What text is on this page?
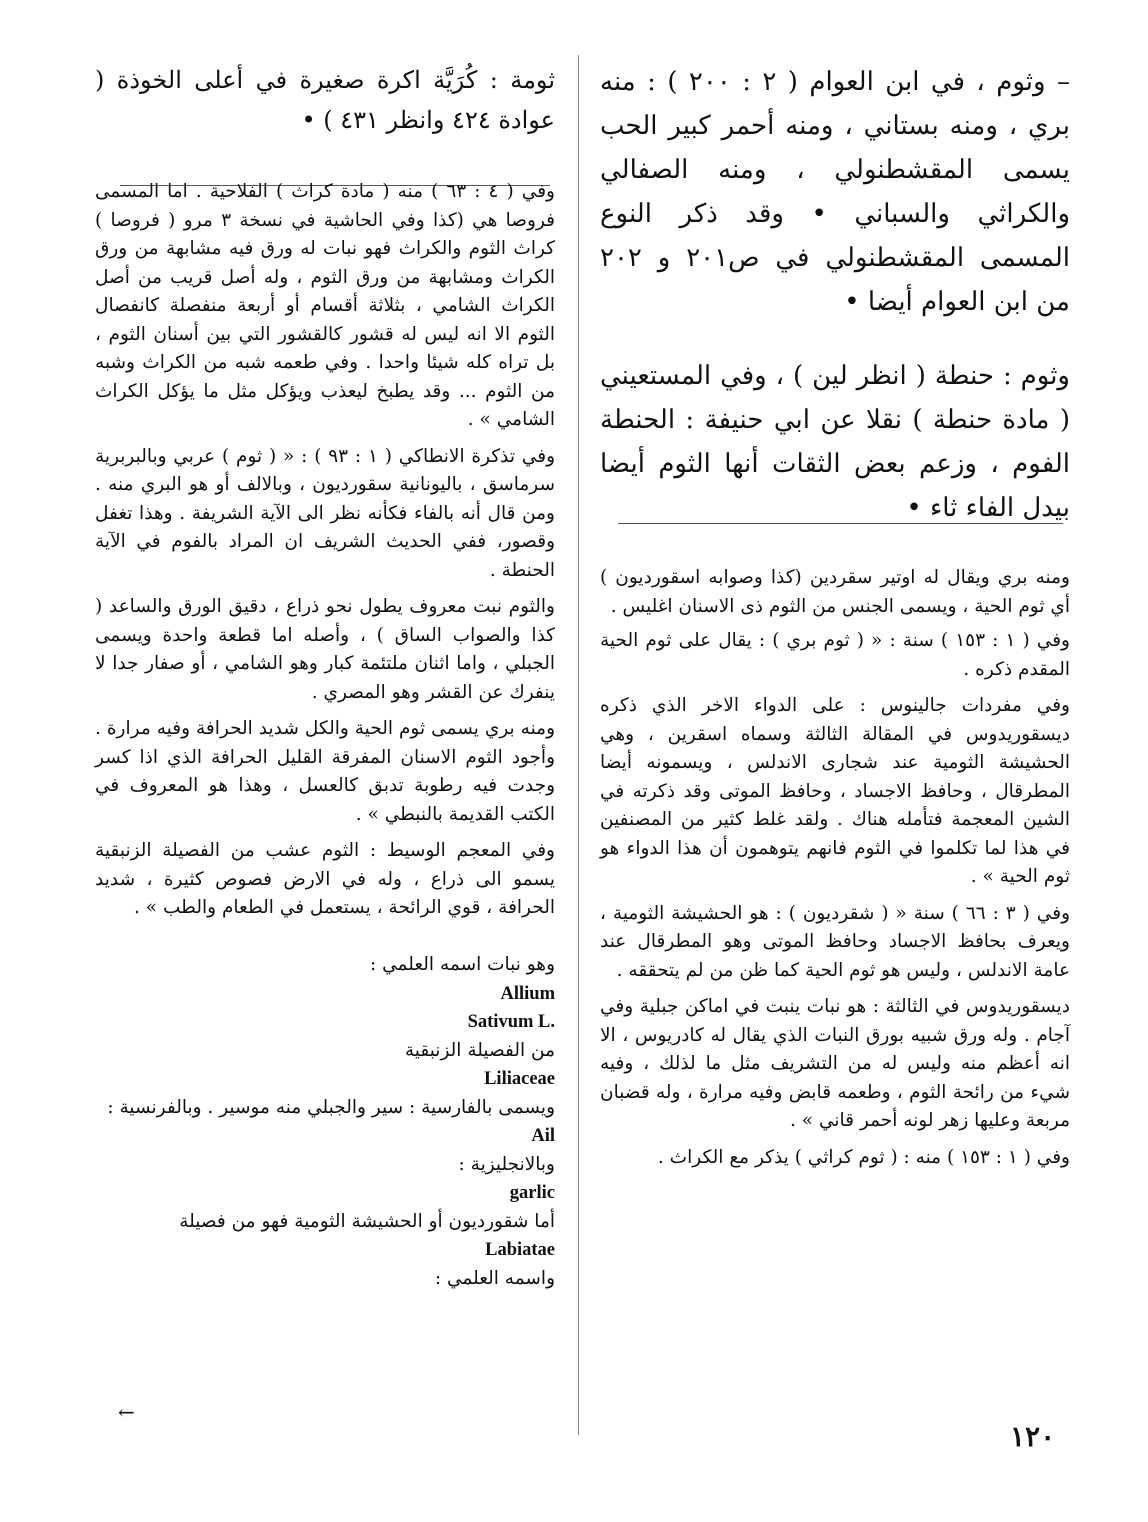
– وثوم ، في ابن العوام ( ٢ : ٢٠٠ ) : منه بري ، ومنه بستاني ، ومنه أحمر كبير الحب يسمى المقشطنولي ، ومنه الصفالي والكراثي والسباني • وقد ذكر النوع المسمى المقشطنولي في ص٢٠١ و ٢٠٢ من ابن العوام أيضا •

وثوم : حنطة ( انظر لين ) ، وفي المستعيني ( مادة حنطة ) نقلا عن ابي حنيفة : الحنطة الفوم ، وزعم بعض الثقات أنها الثوم أيضا بيدل الفاء ثاء •

ومنه بري ويقال له اوتير سقردين (كذا وصوابه اسقورديون ) أي ثوم الحية ، ويسمى الجنس من الثوم ذى الاسنان اغليس .

وفي ( ١ : ١٥٣ ) سنة : « ( ثوم بري ) : يقال على ثوم الحية المقدم ذكره .

وفي مفردات جالينوس : على الدواء الاخر الذي ذكره ديسقوريدوس في المقالة الثالثة وسماه اسقرين ، وهي الحشيشة الثومية عند شجارى الاندلس ، ويسمونه أيضا المطرقال ، وحافظ الاجساد ، وحافظ الموتى وقد ذكرته في الشين المعجمة فتأمله هناك . ولقد غلط كثير من المصنفين في هذا لما تكلموا في الثوم فانهم يتوهمون أن هذا الدواء هو ثوم الحية » .

وفي ( ٣ : ٦٦ ) سنة « ( شقرديون ) : هو الحشيشة الثومية ، ويعرف بحافظ الاجساد وحافظ الموتى وهو المطرقال عند عامة الاندلس ، وليس هو ثوم الحية كما ظن من لم يتحققه .

ديسقوريدوس في الثالثة : هو نبات ينبت في اماكن جبلية وفي آجام . وله ورق شبيه بورق النبات الذي يقال له كادريوس ، الا انه أعظم منه وليس له من التشريف مثل ما لذلك ، وفيه شيء من رائحة الثوم ، وطعمه قابض وفيه مرارة ، وله قضبان مربعة وعليها زهر لونه أحمر قاني » .

وفي ( ١ : ١٥٣ ) منه : ( ثوم كراثي ) يذكر مع الكراث .

ثومة : كُرَيَّة اكرة صغيرة في أعلى الخوذة ( عوادة ٤٢٤ وانظر ٤٣١ ) •

وفي ( ٤ : ٦٣ ) منه ( مادة كراث ) الفلاحية . اما المسمى فروصا هي (كذا وفي الحاشية في نسخة ٣ مرو ( فروصا ) كراث الثوم والكراث فهو نبات له ورق فيه مشابهة من ورق الكراث ومشابهة من ورق الثوم ، وله أصل قريب من أصل الكراث الشامي ، بثلاثة أقسام أو أربعة منفصلة كانفصال الثوم الا انه ليس له قشور كالقشور التي بين أسنان الثوم ، بل تراه كله شيئا واحدا . وفي طعمه شبه من الكراث وشبه من الثوم ... وقد يطبخ ليعذب ويؤكل مثل ما يؤكل الكراث الشامي » .

وفي تذكرة الانطاكي ( ١ : ٩٣ ) : « ( ثوم ) عربي وبالبربرية سرماسق ، باليونانية سقورديون ، وبالالف أو هو البري منه . ومن قال أنه بالفاء فكأنه نظر الى الآية الشريفة . وهذا تغفل وقصور، ففي الحديث الشريف ان المراد بالفوم في الآية الحنطة .

والثوم نبت معروف يطول نحو ذراع ، دقيق الورق والساعد ( كذا والصواب الساق ) ، وأصله اما قطعة واحدة ويسمى الجبلي ، واما اثنان ملتئمة كبار وهو الشامي ، أو صفار جدا لا ينفرك عن القشر وهو المصري .

ومنه بري يسمى ثوم الحية والكل شديد الحرافة وفيه مرارة . وأجود الثوم الاسنان المفرقة القليل الحرافة الذي اذا كسر وجدت فيه رطوبة تدبق كالعسل ، وهذا هو المعروف في الكتب القديمة بالنبطي » .

وفي المعجم الوسيط : الثوم عشب من الفصيلة الزنبقية يسمو الى ذراع ، وله في الارض فصوص كثيرة ، شديد الحرافة ، قوي الرائحة ، يستعمل في الطعام والطب » .

وهو نبات اسمه العلمي :
Allium
Sativum L.
من الفصيلة الزنبقية
Liliaceae
ويسمى بالفارسية : سير والجبلي منه موسير . وبالفرنسية :
Ail
وبالانجليزية :
garlic
أما شقورديون أو الحشيشة الثومية فهو من فصيلة
Labiatae
واسمه العلمي :

←
١٢٠
